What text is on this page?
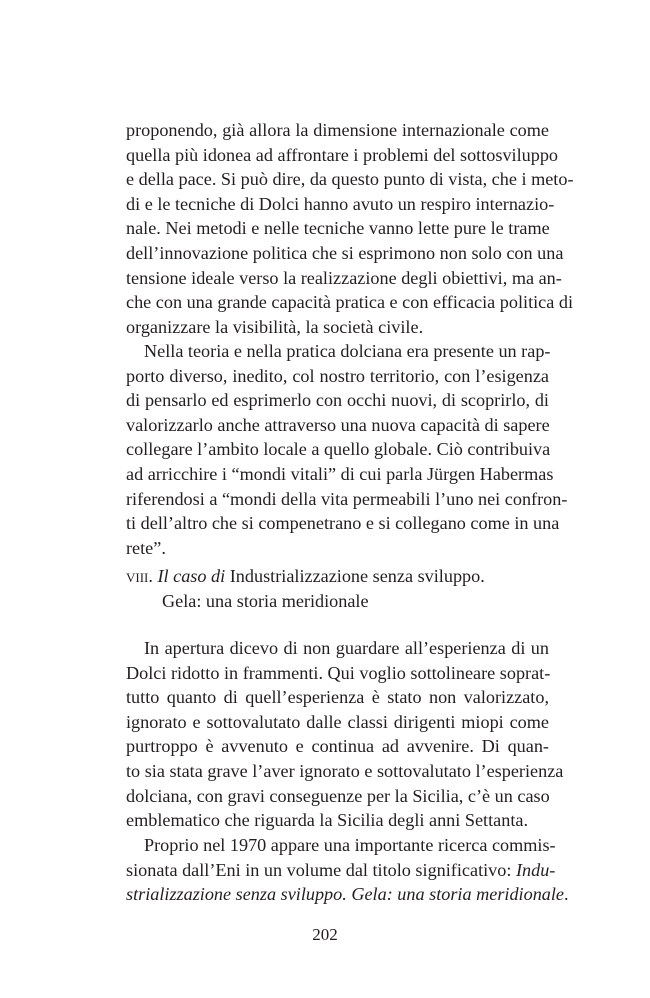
proponendo, già allora la dimensione internazionale come
quella più idonea ad affrontare i problemi del sottosviluppo
e della pace. Si può dire, da questo punto di vista, che i meto-
di e le tecniche di Dolci hanno avuto un respiro internazio-
nale. Nei metodi e nelle tecniche vanno lette pure le trame
dell’innovazione politica che si esprimono non solo con una
tensione ideale verso la realizzazione degli obiettivi, ma an-
che con una grande capacità pratica e con efficacia politica di
organizzare la visibilità, la società civile.
Nella teoria e nella pratica dolciana era presente un rap-
porto diverso, inedito, col nostro territorio, con l’esigenza
di pensarlo ed esprimerlo con occhi nuovi, di scoprirlo, di
valorizzarlo anche attraverso una nuova capacità di sapere
collegare l’ambito locale a quello globale. Ciò contribuiva
ad arricchire i “mondi vitali” di cui parla Jürgen Habermas
riferendosi a “mondi della vita permeabili l’uno nei confron-
ti dell’altro che si compenetrano e si collegano come in una
rete”.
viii. Il caso di Industrializzazione senza sviluppo.
Gela: una storia meridionale
In apertura dicevo di non guardare all’esperienza di un
Dolci ridotto in frammenti. Qui voglio sottolineare soprat-
tutto quanto di quell’esperienza è stato non valorizzato,
ignorato e sottovalutato dalle classi dirigenti miopi come
purtroppo è avvenuto e continua ad avvenire. Di quan-
to sia stata grave l’aver ignorato e sottovalutato l’esperienza
dolciana, con gravi conseguenze per la Sicilia, c’è un caso
emblematico che riguarda la Sicilia degli anni Settanta.
Proprio nel 1970 appare una importante ricerca commis-
sionata dall’Eni in un volume dal titolo significativo: Indu-
strializzazione senza sviluppo. Gela: una storia meridionale.
202
